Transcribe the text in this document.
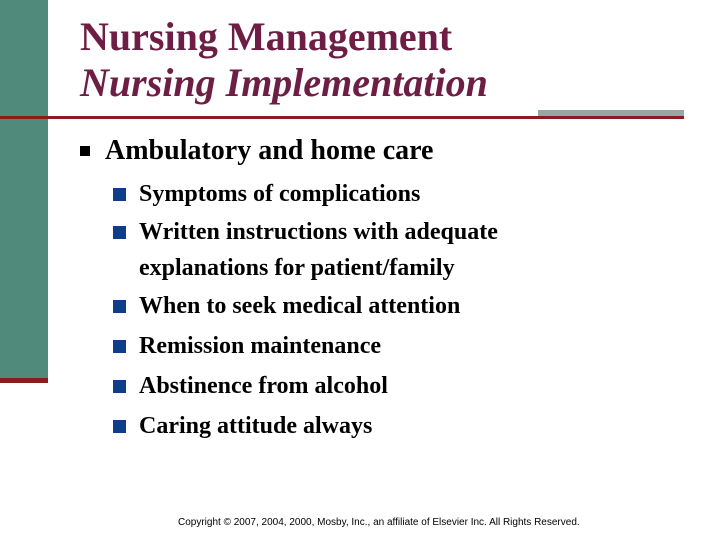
Nursing Management
Nursing Implementation
Ambulatory and home care
Symptoms of complications
Written instructions with adequate explanations for patient/family
When to seek medical attention
Remission maintenance
Abstinence from alcohol
Caring attitude always
Copyright © 2007, 2004, 2000, Mosby, Inc., an affiliate of Elsevier Inc. All Rights Reserved.
